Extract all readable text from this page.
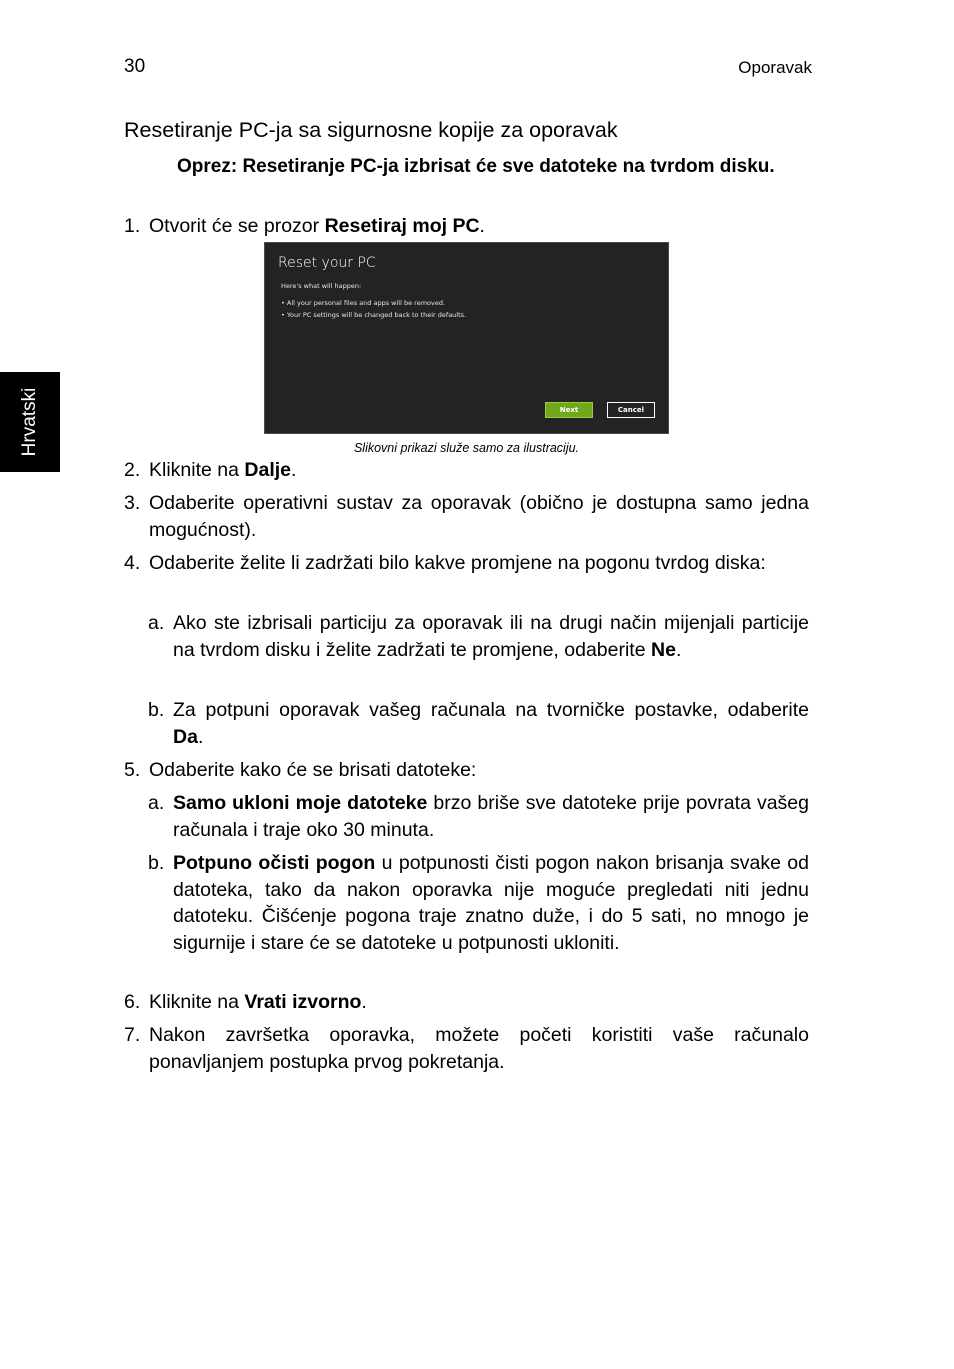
30	Oporavak
Hrvatski
Resetiranje PC-ja sa sigurnosne kopije za oporavak
Oprez: Resetiranje PC-ja izbrisat će sve datoteke na tvrdom disku.
1. Otvorit će se prozor Resetiraj moj PC.
Reset your PC
Here's what will happen:
• All your personal files and apps will be removed.
• Your PC settings will be changed back to their defaults.
Next	Cancel
Slikovni prikazi služe samo za ilustraciju.
2. Kliknite na Dalje.
3. Odaberite operativni sustav za oporavak (obično je dostupna samo jedna mogućnost).
4. Odaberite želite li zadržati bilo kakve promjene na pogonu tvrdog diska:
a. Ako ste izbrisali particiju za oporavak ili na drugi način mijenjali particije na tvrdom disku i želite zadržati te promjene, odaberite Ne.
b. Za potpuni oporavak vašeg računala na tvorničke postavke, odaberite Da.
5. Odaberite kako će se brisati datoteke:
a. Samo ukloni moje datoteke brzo briše sve datoteke prije povrata vašeg računala i traje oko 30 minuta.
b. Potpuno očisti pogon u potpunosti čisti pogon nakon brisanja svake od datoteka, tako da nakon oporavka nije moguće pregledati niti jednu datoteku. Čišćenje pogona traje znatno duže, i do 5 sati, no mnogo je sigurnije i stare će se datoteke u potpunosti ukloniti.
6. Kliknite na Vrati izvorno.
7. Nakon završetka oporavka, možete početi koristiti vaše računalo ponavljanjem postupka prvog pokretanja.
